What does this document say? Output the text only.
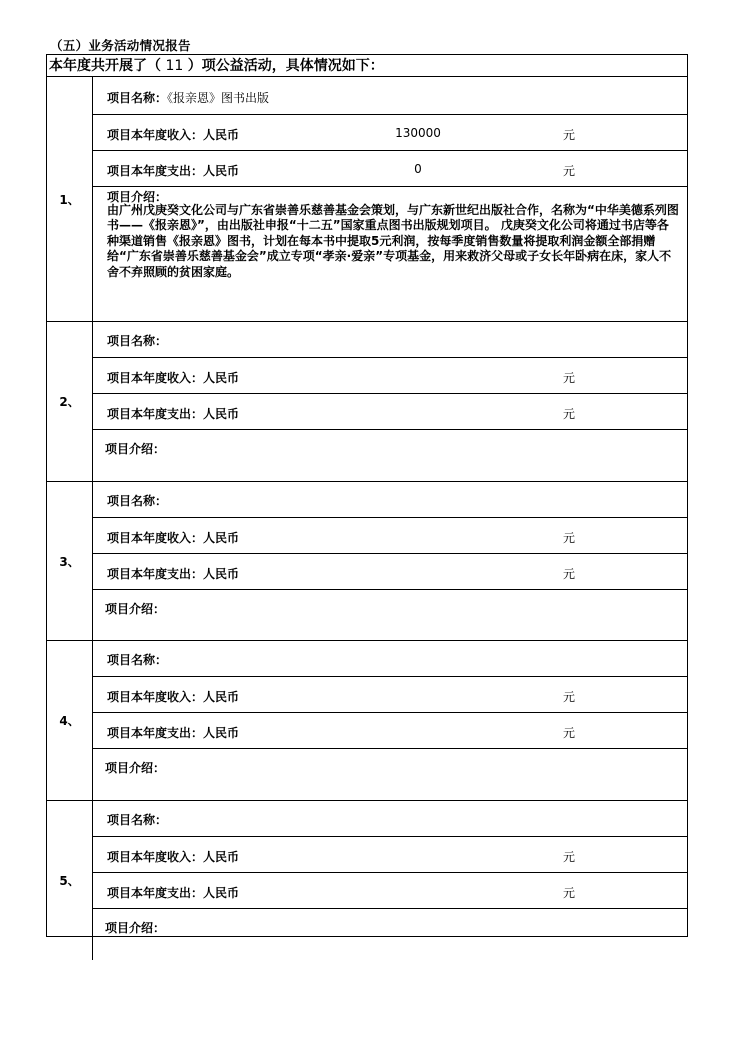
（五）业务活动情况报告
本年度共开展了（ 11 ）项公益活动，具体情况如下：
1、
项目名称：《报亲恩》图书出版
项目本年度收入：人民币	130000	元
项目本年度支出：人民币	0	元
项目介绍：
由广州戊庚癸文化公司与广东省崇善乐慈善基金会策划，与广东新世纪出版社合作，名称为“中华美德系列图书——《报亲恩》”，由出版社申报“十二五”国家重点图书出版规划项目。 戊庚癸文化公司将通过书店等各种渠道销售《报亲恩》图书，计划在每本书中提取5元利润，按每季度销售数量将提取利润金额全部捐赠给“广东省崇善乐慈善基金会”成立专项“孝亲·爱亲”专项基金，用来救济父母或子女长年卧病在床，家人不舍不弃照顾的贫困家庭。
2、
项目名称：
项目本年度收入：人民币	元
项目本年度支出：人民币	元
项目介绍：
3、
项目名称：
项目本年度收入：人民币	元
项目本年度支出：人民币	元
项目介绍：
4、
项目名称：
项目本年度收入：人民币	元
项目本年度支出：人民币	元
项目介绍：
5、
项目名称：
项目本年度收入：人民币	元
项目本年度支出：人民币	元
项目介绍：
